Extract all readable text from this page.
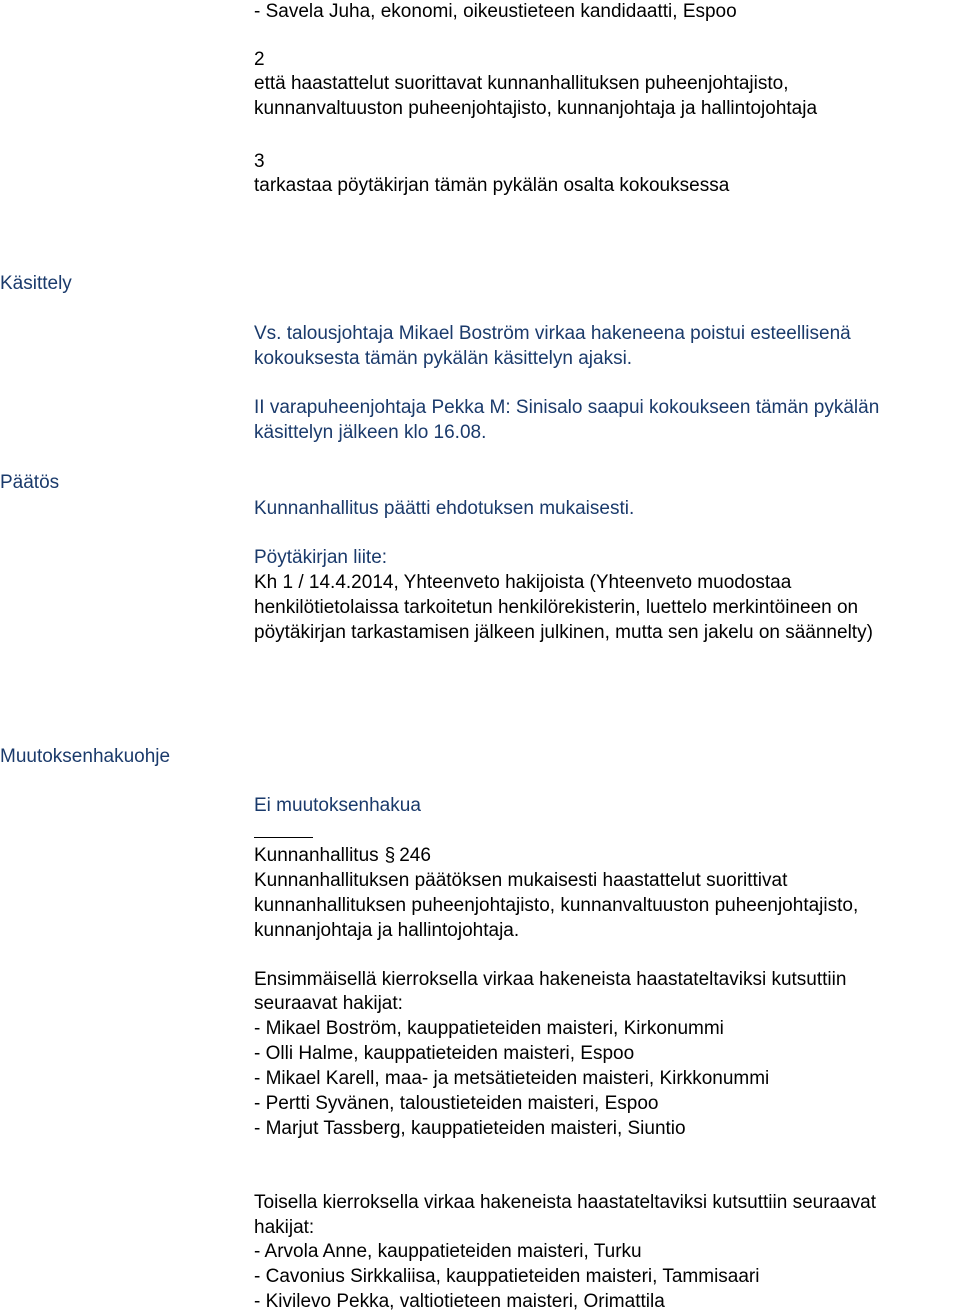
- Savela Juha, ekonomi, oikeustieteen kandidaatti, Espoo
2
että haastattelut suorittavat kunnanhallituksen puheenjohtajisto,
kunnanvaltuuston puheenjohtajisto, kunnanjohtaja ja hallintojohtaja
3
tarkastaa pöytäkirjan tämän pykälän osalta kokouksessa
Käsittely
Vs. talousjohtaja Mikael Boström virkaa hakeneena poistui esteellisenä
kokouksesta tämän pykälän käsittelyn ajaksi.
II varapuheenjohtaja Pekka M: Sinisalo saapui kokoukseen tämän pykälän
käsittelyn jälkeen klo 16.08.
Päätös
Kunnanhallitus päätti ehdotuksen mukaisesti.
Pöytäkirjan liite:
Kh 1 / 14.4.2014, Yhteenveto hakijoista (Yhteenveto muodostaa
henkilötietolaissa tarkoitetun henkilörekisterin, luettelo merkintöineen on
pöytäkirjan tarkastamisen jälkeen julkinen, mutta sen jakelu on säännelty)
Muutoksenhakuohje
Ei muutoksenhakua
Kunnanhallitus § 246
Kunnanhallituksen päätöksen mukaisesti haastattelut suorittivat
kunnanhallituksen puheenjohtajisto, kunnanvaltuuston puheenjohtajisto,
kunnanjohtaja ja hallintojohtaja.
Ensimmäisellä kierroksella virkaa hakeneista haastateltaviksi kutsuttiin
seuraavat hakijat:
- Mikael Boström, kauppatieteiden maisteri, Kirkonummi
- Olli Halme, kauppatieteiden maisteri, Espoo
- Mikael Karell, maa- ja metsätieteiden maisteri, Kirkkonummi
- Pertti Syvänen, taloustieteiden maisteri, Espoo
- Marjut Tassberg, kauppatieteiden maisteri, Siuntio
Toisella kierroksella virkaa hakeneista haastateltaviksi kutsuttiin seuraavat
hakijat:
- Arvola Anne, kauppatieteiden maisteri, Turku
- Cavonius Sirkkaliisa, kauppatieteiden maisteri, Tammisaari
- Kivilevo Pekka, valtiotieteen maisteri, Orimattila
